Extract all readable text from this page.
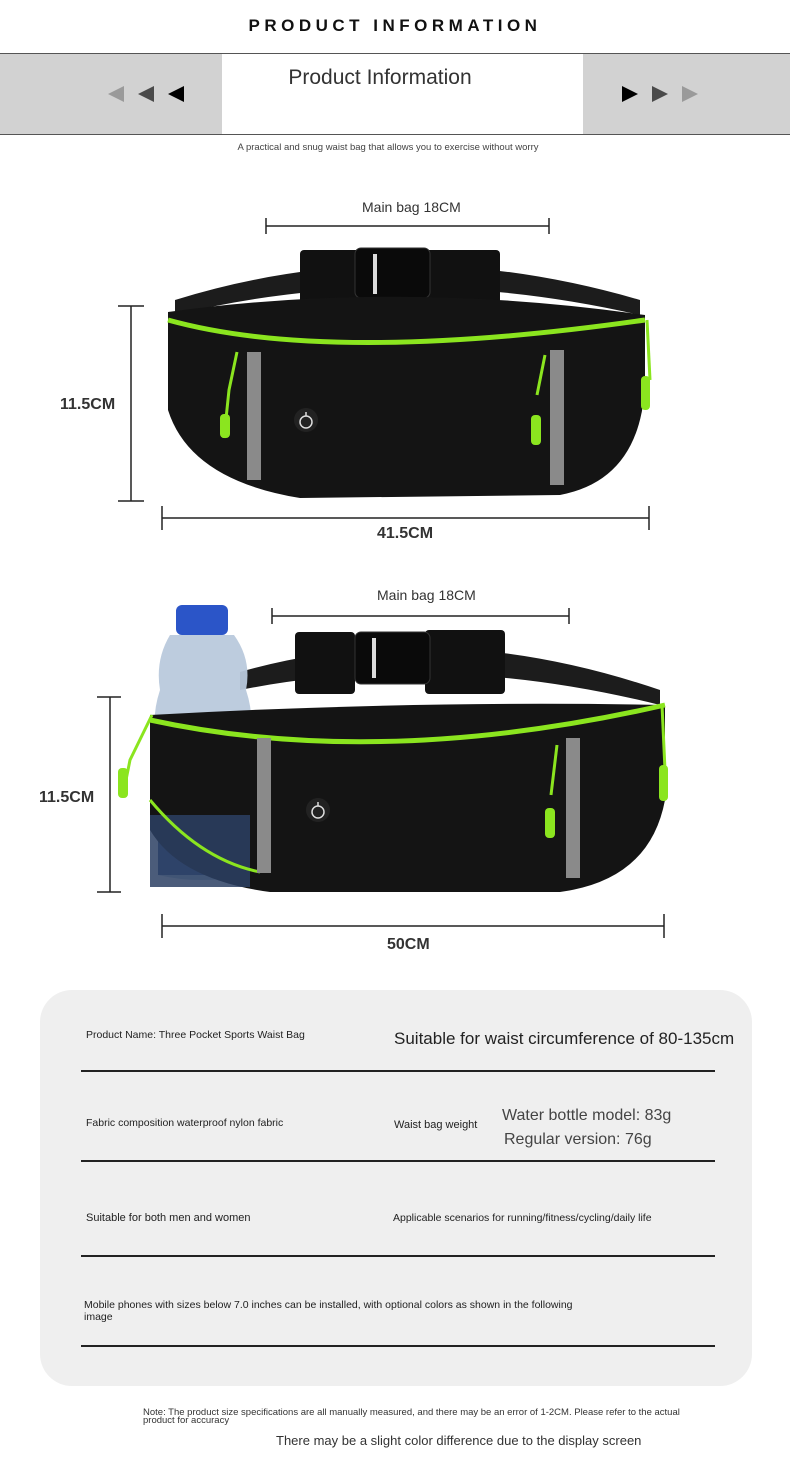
PRODUCT INFORMATION
Product Information
A practical and snug waist bag that allows you to exercise without worry
Main bag 18CM
11.5CM
41.5CM
Main bag 18CM
11.5CM
50CM
Product Name: Three Pocket Sports Waist Bag	Suitable for waist circumference of 80-135cm
Fabric composition waterproof nylon fabric	Waist bag weight
Water bottle model: 83g
Regular version: 76g
Suitable for both men and women	Applicable scenarios for running/fitness/cycling/daily life
Mobile phones with sizes below 7.0 inches can be installed, with optional colors as shown in the following
image
Note: The product size specifications are all manually measured, and there may be an error of 1-2CM. Please refer to the actual
product for accuracy
There may be a slight color difference due to the display screen
